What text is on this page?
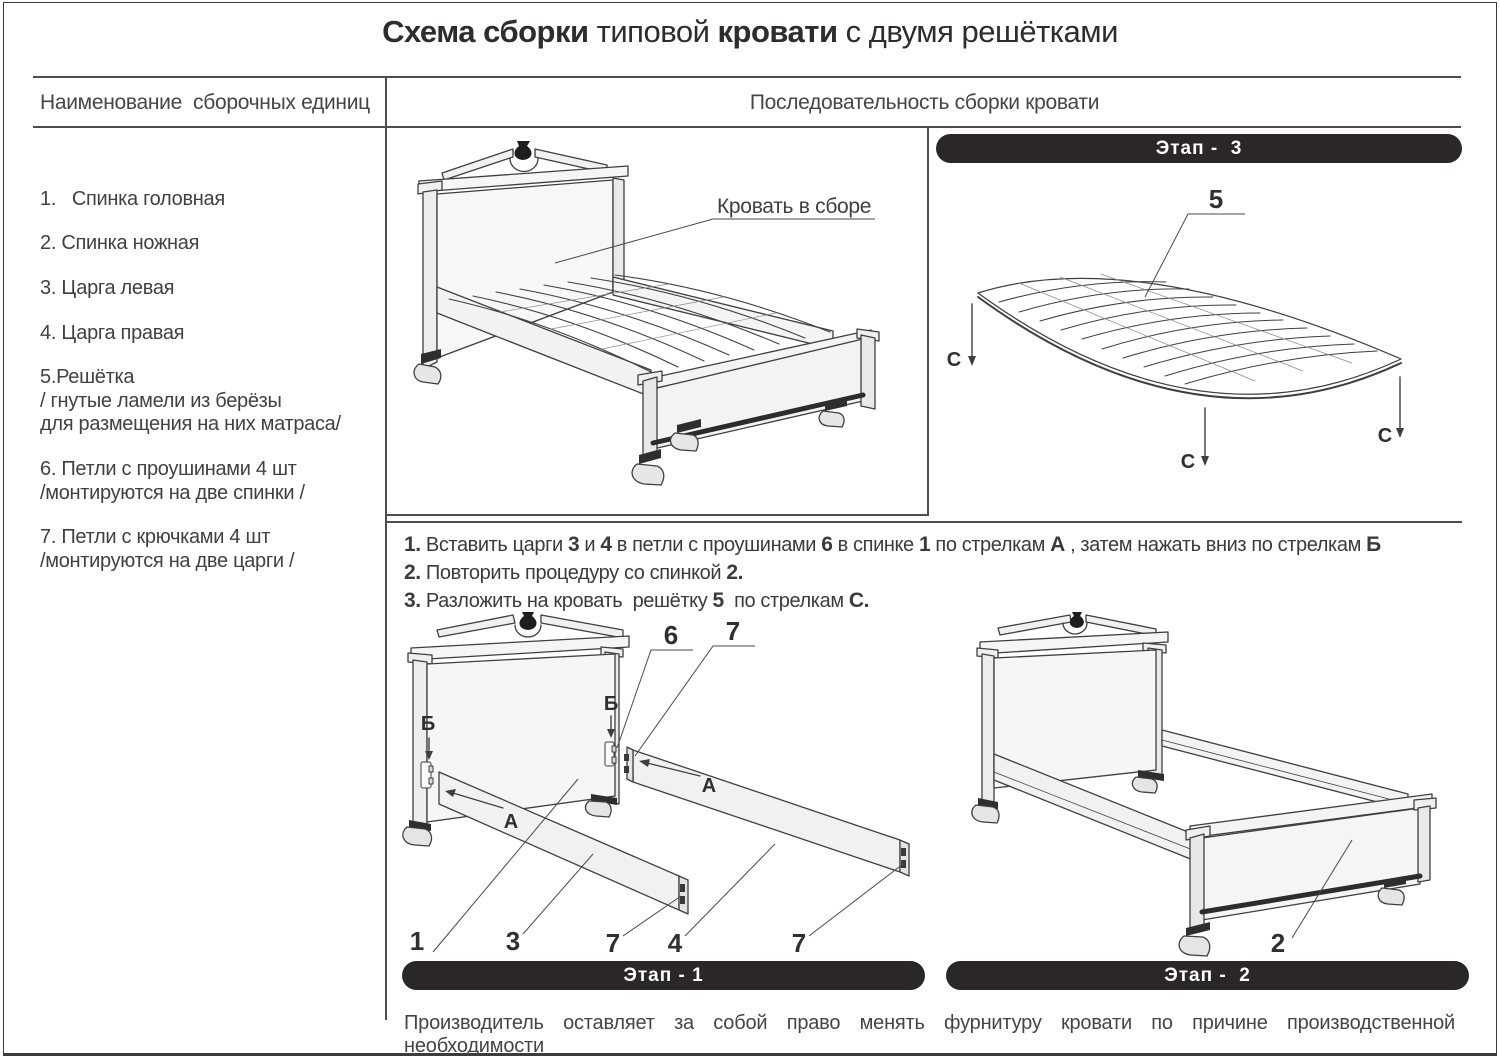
Схема сборки типовой кровати с двумя решётками
Наименование  сборочных единиц	Последовательность сборки кровати
1.   Спинка головная
2. Спинка ножная
3. Царга левая
4. Царга правая
5.Решётка
/ гнутые ламели из берёзы
для размещения на них матраса/
6. Петли с проушинами 4 шт
/монтируются на две спинки /
7. Петли с крючками 4 шт
/монтируются на две царги /
Этап -  3
Этап - 1	Этап -  2
Кровать в сборе	5
С
С
С
Б
Б
А
А
6 7
1	3	7 4	7	2

1. Вставить царги 3 и 4 в петли с проушинами 6 в спинке 1 по стрелкам А , затем нажать вниз по стрелкам Б

2. Повторить процедуру со спинкой 2.

3. Разложить на кровать  решётку 5  по стрелкам С.

Производитель оставляет за собой право менять фурнитуру кровати по причине производственной необходимости
